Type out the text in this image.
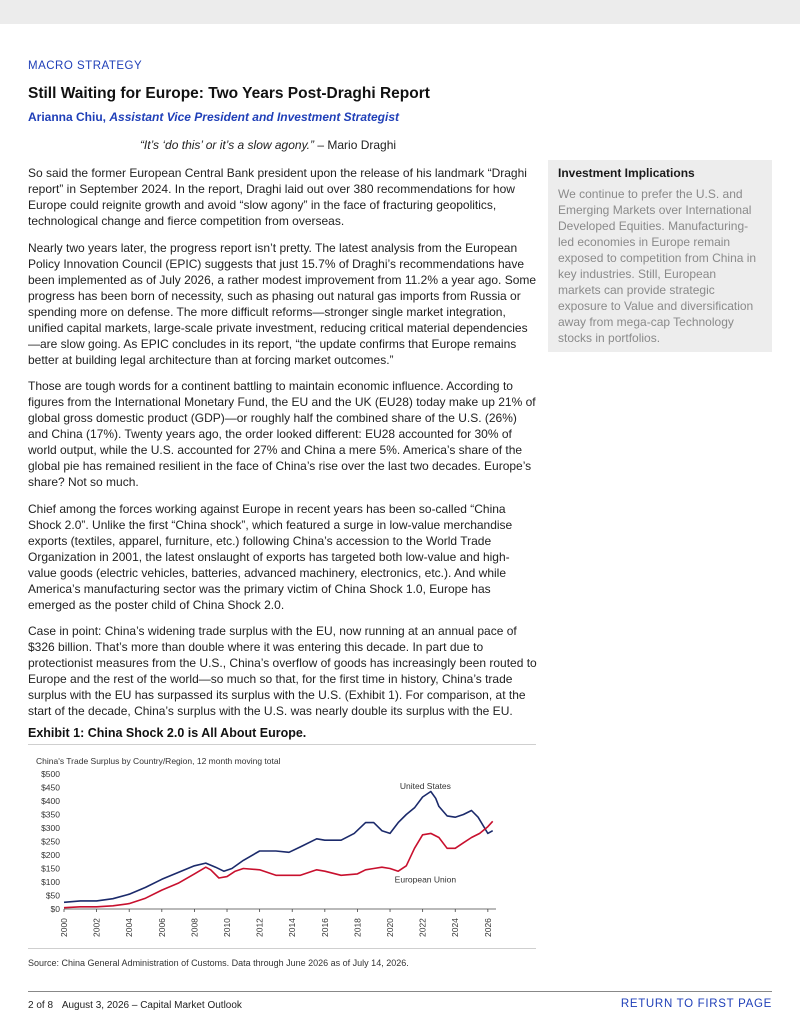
MACRO STRATEGY
Still Waiting for Europe: Two Years Post-Draghi Report
Arianna Chiu, Assistant Vice President and Investment Strategist
“It’s ‘do this’ or it’s a slow agony.” – Mario Draghi

So said the former European Central Bank president upon the release of his landmark “Draghi report” in September 2024. In the report, Draghi laid out over 380 recommendations for how Europe could reignite growth and avoid “slow agony” in the face of fracturing geopolitics, technological change and fierce competition from overseas.

Nearly two years later, the progress report isn’t pretty. The latest analysis from the European Policy Innovation Council (EPIC) suggests that just 15.7% of Draghi’s recommendations have been implemented as of July 2026, a rather modest improvement from 11.2% a year ago. Some progress has been born of necessity, such as phasing out natural gas imports from Russia or spending more on defense. The more difficult reforms—stronger single market integration, unified capital markets, large-scale private investment, reducing critical material dependencies—are slow going. As EPIC concludes in its report, “the update confirms that Europe remains better at building legal architecture than at forcing market outcomes.”

Those are tough words for a continent battling to maintain economic influence. According to figures from the International Monetary Fund, the EU and the UK (EU28) today make up 21% of global gross domestic product (GDP)—or roughly half the combined share of the U.S. (26%) and China (17%). Twenty years ago, the order looked different: EU28 accounted for 30% of world output, while the U.S. accounted for 27% and China a mere 5%. America’s share of the global pie has remained resilient in the face of China’s rise over the last two decades. Europe’s share? Not so much.

Chief among the forces working against Europe in recent years has been so-called “China Shock 2.0”. Unlike the first “China shock”, which featured a surge in low-value merchandise exports (textiles, apparel, furniture, etc.) following China’s accession to the World Trade Organization in 2001, the latest onslaught of exports has targeted both low-value and high-value goods (electric vehicles, batteries, advanced machinery, electronics, etc.). And while America’s manufacturing sector was the primary victim of China Shock 1.0, Europe has emerged as the poster child of China Shock 2.0.

Case in point: China’s widening trade surplus with the EU, now running at an annual pace of $326 billion. That’s more than double where it was entering this decade. In part due to protectionist measures from the U.S., China’s overflow of goods has increasingly been routed to Europe and the rest of the world—so much so that, for the first time in history, China’s trade surplus with the EU has surpassed its surplus with the U.S. (Exhibit 1). For comparison, at the start of the decade, China’s surplus with the U.S. was nearly double its surplus with the EU.

Investment Implications

We continue to prefer the U.S. and Emerging Markets over International Developed Equities. Manufacturing-led economies in Europe remain exposed to competition from China in key industries. Still, European markets can provide strategic exposure to Value and diversification away from mega-cap Technology stocks in portfolios.

Exhibit 1: China Shock 2.0 is All About Europe.
China's Trade Surplus by Country/Region, 12 month moving total
$0
$50
$100
$150
$200
$250
$300
$350
$400
$450
$500
2000	2002	2004	2006	2008	2010	2012	2014	2016	2018	2020	2022	2024	2026
United States
European Union
Source: China General Administration of Customs. Data through June 2026 as of July 14, 2026.
2 of 8 August 3, 2026 – Capital Market Outlook	RETURN TO FIRST PAGE
